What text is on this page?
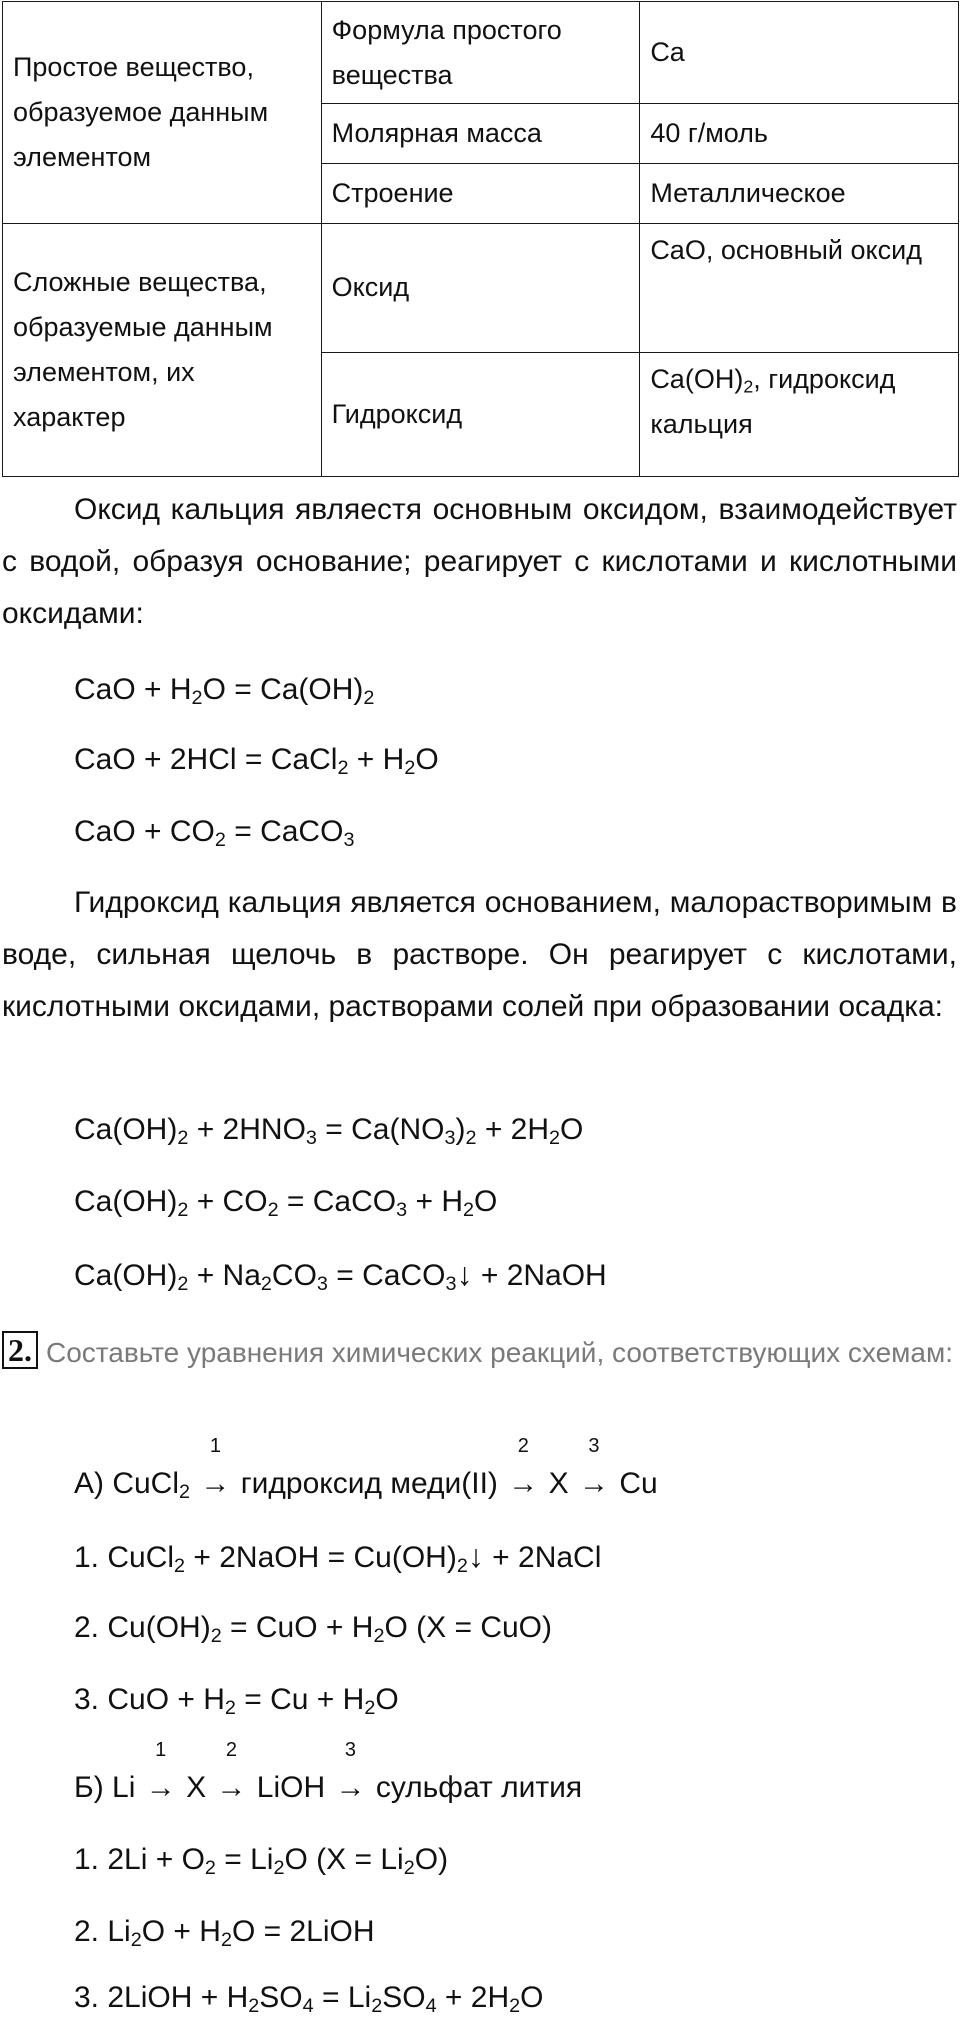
Простое вещество, образуемое данным элементом	Формула простого вещества	Ca
	Молярная масса	40 г/моль
	Строение	Металлическое
Сложные вещества, образуемые данным элементом, их характер	Оксид	CaO, основный оксид
	Гидроксид	$Ca(OH)_2$, гидроксид кальция

Оксид кальция являестя основным оксидом, взаимодействует с водой, образуя основание; реагирует с кислотами и кислотными оксидами:

CaO + $H_2O = Ca(OH)_2$

CaO + 2HCl = CaCl$_2$ + $H_2O$

CaO + $CO_2$ = CaCO$_3$

Гидроксид кальция является основанием, малорастворимым в воде, сильная щелочь в растворе. Он реагирует с кислотами, кислотными оксидами, растворами солей при образовании осадка:

$Ca(OH)_2 + 2HNO_3 = Ca(NO_3)_2 + 2H_2O$

$Ca(OH)_2 + CO_2$ = CaCO$_3$ + $H_2O$

$Ca(OH)_2 + Na_2CO_3$ = CaCO$_3$↓ + 2NaOH

2. Составьте уравнения химических реакций, соответствующих схемам:

А) CuCl$_2$
1
→ гидроксид меди(II)
2
→ X
3
→ Cu

1. CuCl$_2$ + 2NaOH = $Cu(OH)_2↓$ + 2NaCl

2. $Cu(OH)_2$ = CuO + $H_2O$ (X = CuO)

3. CuO + $H_2 = Cu + H_2O$

Б) Li
1
→ X
2
→ LiOH
3
→ сульфат лития

1. $2Li + O_2 = Li_2O$ $(X = Li_2O)$

2. $Li_2O + H_2O$ = 2LiOH

3. 2LiOH + $H_2SO_4 = Li_2SO_4 + 2H_2O$
